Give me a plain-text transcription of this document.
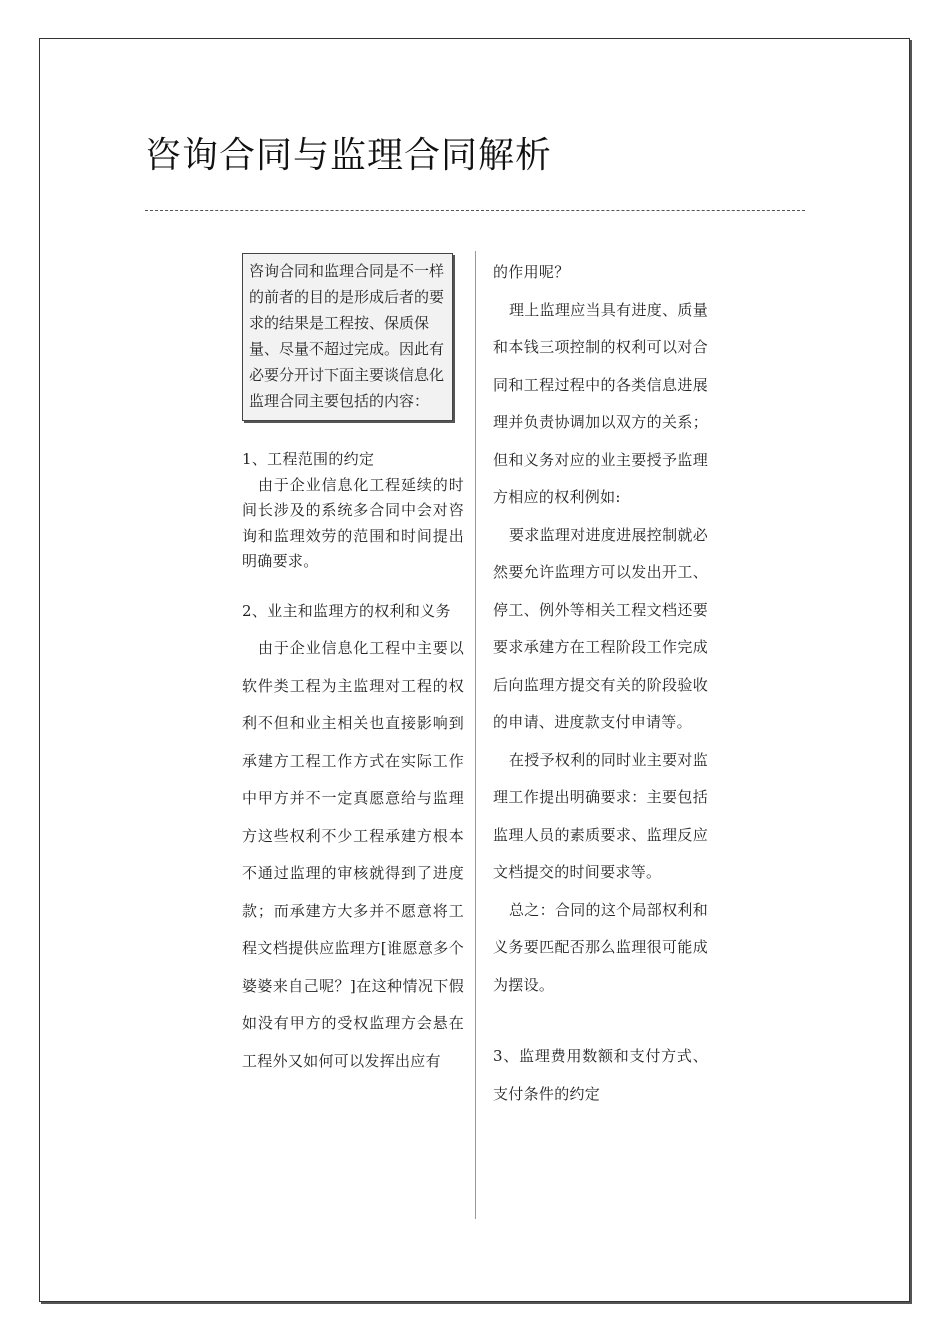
咨询合同与监理合同解析
咨询合同和监理合同是不一样的前者的目的是形成后者的要求的结果是工程按、保质保量、尽量不超过完成。因此有必要分开讨下面主要谈信息化监理合同主要包括的内容：

1、工程范围的约定

由于企业信息化工程延续的时间长涉及的系统多合同中会对咨询和监理效劳的范围和时间提出明确要求。

2、业主和监理方的权利和义务

由于企业信息化工程中主要以软件类工程为主监理对工程的权利不但和业主相关也直接影响到承建方工程工作方式在实际工作中甲方并不一定真愿意给与监理方这些权利不少工程承建方根本不通过监理的审核就得到了进度款；而承建方大多并不愿意将工程文档提供应监理方[谁愿意多个婆婆来自己呢？]在这种情况下假如没有甲方的受权监理方会悬在工程外又如何可以发挥出应有

的作用呢？

理上监理应当具有进度、质量和本钱三项控制的权利可以对合同和工程过程中的各类信息进展理并负责协调加以双方的关系；但和义务对应的业主要授予监理方相应的权利例如:

要求监理对进度进展控制就必然要允许监理方可以发出开工、停工、例外等相关工程文档还要要求承建方在工程阶段工作完成后向监理方提交有关的阶段验收的申请、进度款支付申请等。

在授予权利的同时业主要对监理工作提出明确要求：主要包括监理人员的素质要求、监理反应文档提交的时间要求等。

总之：合同的这个局部权利和义务要匹配否那么监理很可能成为摆设。

3、监理费用数额和支付方式、支付条件的约定
